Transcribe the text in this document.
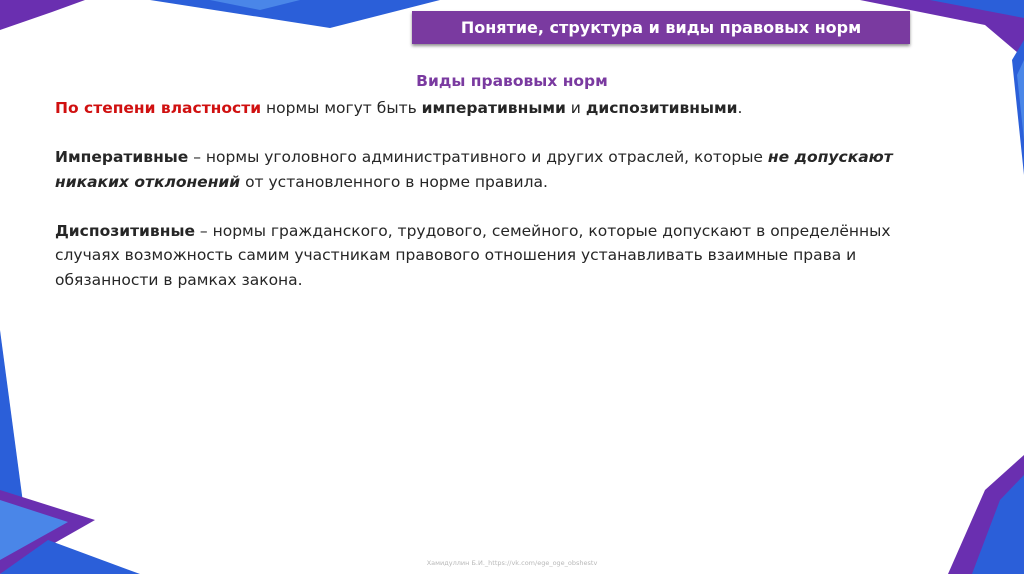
Понятие, структура и виды правовых норм
Виды правовых норм

По степени властности нормы могут быть императивными и диспозитивными.

Императивные – нормы уголовного административного и других отраслей, которые не допускают
никаких отклонений от установленного в норме правила.

Диспозитивные – нормы гражданского, трудового, семейного, которые допускают в определённых
случаях возможность самим участникам правового отношения устанавливать взаимные права и
обязанности в рамках закона.

Хамидуллин Б.И._https://vk.com/ege_oge_obshestv
